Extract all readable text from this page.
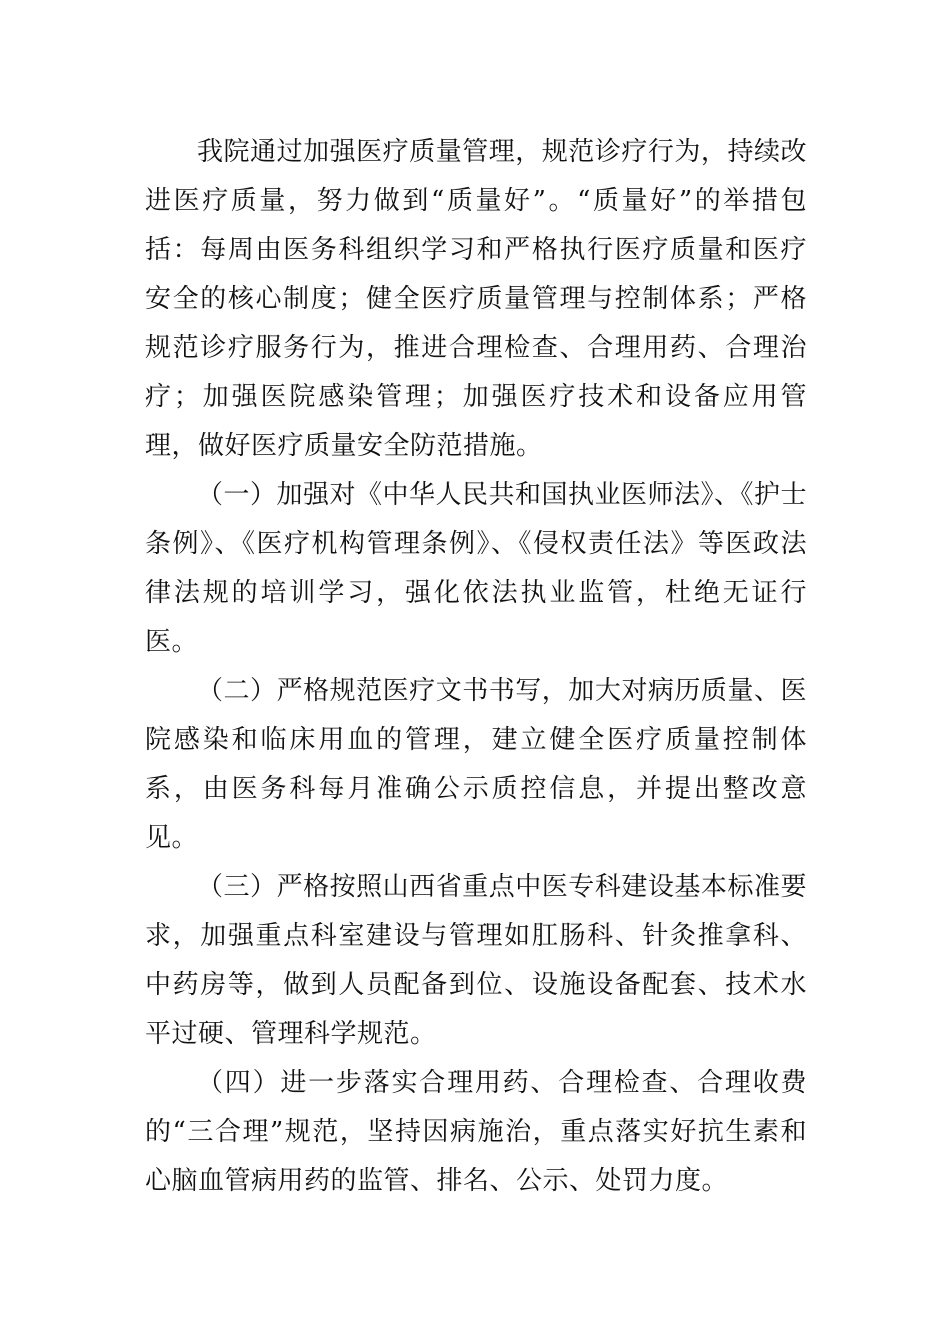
我院通过加强医疗质量管理，规范诊疗行为，持续改进医疗质量，努力做到“质量好”。“质量好”的举措包括：每周由医务科组织学习和严格执行医疗质量和医疗安全的核心制度；健全医疗质量管理与控制体系；严格规范诊疗服务行为，推进合理检查、合理用药、合理治疗；加强医院感染管理；加强医疗技术和设备应用管理，做好医疗质量安全防范措施。

（一）加强对《中华人民共和国执业医师法》、《护士条例》、《医疗机构管理条例》、《侵权责任法》等医政法律法规的培训学习，强化依法执业监管，杜绝无证行医。

（二）严格规范医疗文书书写，加大对病历质量、医院感染和临床用血的管理，建立健全医疗质量控制体系，由医务科每月准确公示质控信息，并提出整改意见。

（三）严格按照山西省重点中医专科建设基本标准要求，加强重点科室建设与管理如肛肠科、针灸推拿科、中药房等，做到人员配备到位、设施设备配套、技术水平过硬、管理科学规范。

（四）进一步落实合理用药、合理检查、合理收费的“三合理”规范，坚持因病施治，重点落实好抗生素和心脑血管病用药的监管、排名、公示、处罚力度。
